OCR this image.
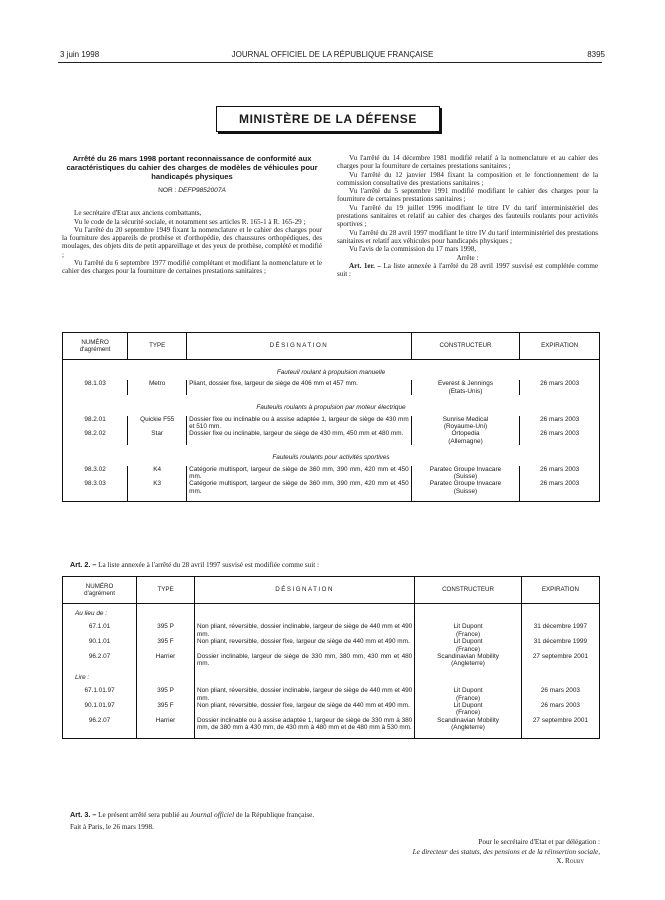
3 juin 1998	JOURNAL OFFICIEL DE LA RÉPUBLIQUE FRANÇAISE	8395
MINISTÈRE DE LA DÉFENSE
Arrêté du 26 mars 1998 portant reconnaissance de conformité aux caractéristiques du cahier des charges de modèles de véhicules pour handicapés physiques
NOR : DEFP9852007A

Le secrétaire d'Etat aux anciens combattants,

Vu le code de la sécurité sociale, et notamment ses articles R. 165-1 à R. 165-29 ;

Vu l'arrêté du 20 septembre 1949 fixant la nomenclature et le cahier des charges pour la fourniture des appareils de prothèse et d'orthopédie, des chaussures orthopédiques, des moulages, des objets dits de petit appareillage et des yeux de prothèse, complété et modifié ;

Vu l'arrêté du 6 septembre 1977 modifié complétant et modifiant la nomenclature et le cahier des charges pour la fourniture de certaines prestations sanitaires ;

Vu l'arrêté du 14 décembre 1981 modifié relatif à la nomenclature et au cahier des charges pour la fourniture de certaines prestations sanitaires ;

Vu l'arrêté du 12 janvier 1984 fixant la composition et le fonctionnement de la commission consultative des prestations sanitaires ;

Vu l'arrêté du 5 septembre 1991 modifié modifiant le cahier des charges pour la fourniture de certaines prestations sanitaires ;

Vu l'arrêté du 19 juillet 1996 modifiant le titre IV du tarif interministériel des prestations sanitaires et relatif au cahier des charges des fauteuils roulants pour activités sportives ;

Vu l'arrêté du 28 avril 1997 modifiant le titre IV du tarif interministériel des prestations sanitaires et relatif aux véhicules pour handicapés physiques ;

Vu l'avis de la commission du 17 mars 1998,

Arrête :

Art. 1er. – La liste annexée à l'arrêté du 28 avril 1997 susvisé est complétée comme suit :

NUMÉRO
d'agrément	TYPE	DÉSIGNATION	CONSTRUCTEUR	EXPIRATION
Fauteuil roulant à propulsion manuelle				
98.1.03	Metro	Pliant, dossier fixe, largeur de siège de 406 mm et 457 mm.	Everest & Jennings
(Etats-Unis)	26 mars 2003
Fauteuils roulants à propulsion par moteur électrique				
98.2.01	Quickie F55	Dossier fixe ou inclinable ou à assise adaptée 1, largeur de siège de 430 mm et 510 mm.	Sunrise Medical
(Royaume-Uni)	26 mars 2003
98.2.02	Star	Dossier fixe ou inclinable, largeur de siège de 430 mm, 450 mm et 480 mm.	Ortopedia
(Allemagne)	26 mars 2003
Fauteuils roulants pour activités sportives				
98.3.02	K4	Catégorie multisport, largeur de siège de 360 mm, 390 mm, 420 mm et 450 mm.	Paratec Groupe Invacare
(Suisse)	26 mars 2003
98.3.03	K3	Catégorie multisport, largeur de siège de 360 mm, 390 mm, 420 mm et 450 mm.	Paratec Groupe Invacare
(Suisse)	26 mars 2003

Art. 2. – La liste annexée à l'arrêté du 28 avril 1997 susvisé est modifiée comme suit :
NUMÉRO
d'agrément	TYPE	DÉSIGNATION	CONSTRUCTEUR	EXPIRATION
Au lieu de :				
67.1.01	395 P	Non pliant, réversible, dossier inclinable, largeur de siège de 440 mm et 490 mm.	Lit Dupont
(France)	31 décembre 1997
90.1.01	395 F	Non pliant, reversible, dossier fixe, largeur de siège de 440 mm et 490 mm.	Lit Dupont
(France)	31 décembre 1999
96.2.07	Harrier	Dossier inclinable, largeur de siège de 330 mm, 380 mm, 430 mm et 480 mm.	Scandinavian Mobility
(Angleterre)	27 septembre 2001
Lire :				
67.1.01.97	395 P	Non pliant, réversible, dossier inclinable, largeur de siège de 440 mm et 490 mm.	Lit Dupont
(France)	26 mars 2003
90.1.01.97	395 F	Non pliant, réversible, dossier fixe, largeur de siège de 440 mm et 490 mm.	Lit Dupont
(France)	26 mars 2003
96.2.07	Harrier	Dossier inclinable ou à assise adaptée 1, largeur de siège de 330 mm à 380 mm, de 380 mm à 430 mm, de 430 mm à 480 mm et de 480 mm à 530 mm.	Scandinavian Mobility
(Angleterre)	27 septembre 2001

Art. 3. – Le présent arrêté sera publié au Journal officiel de la République française.
Fait à Paris, le 26 mars 1998.
Pour le secrétaire d'Etat et par délégation :
Le directeur des statuts, des pensions et de la réinsertion sociale,
X. Rouby
